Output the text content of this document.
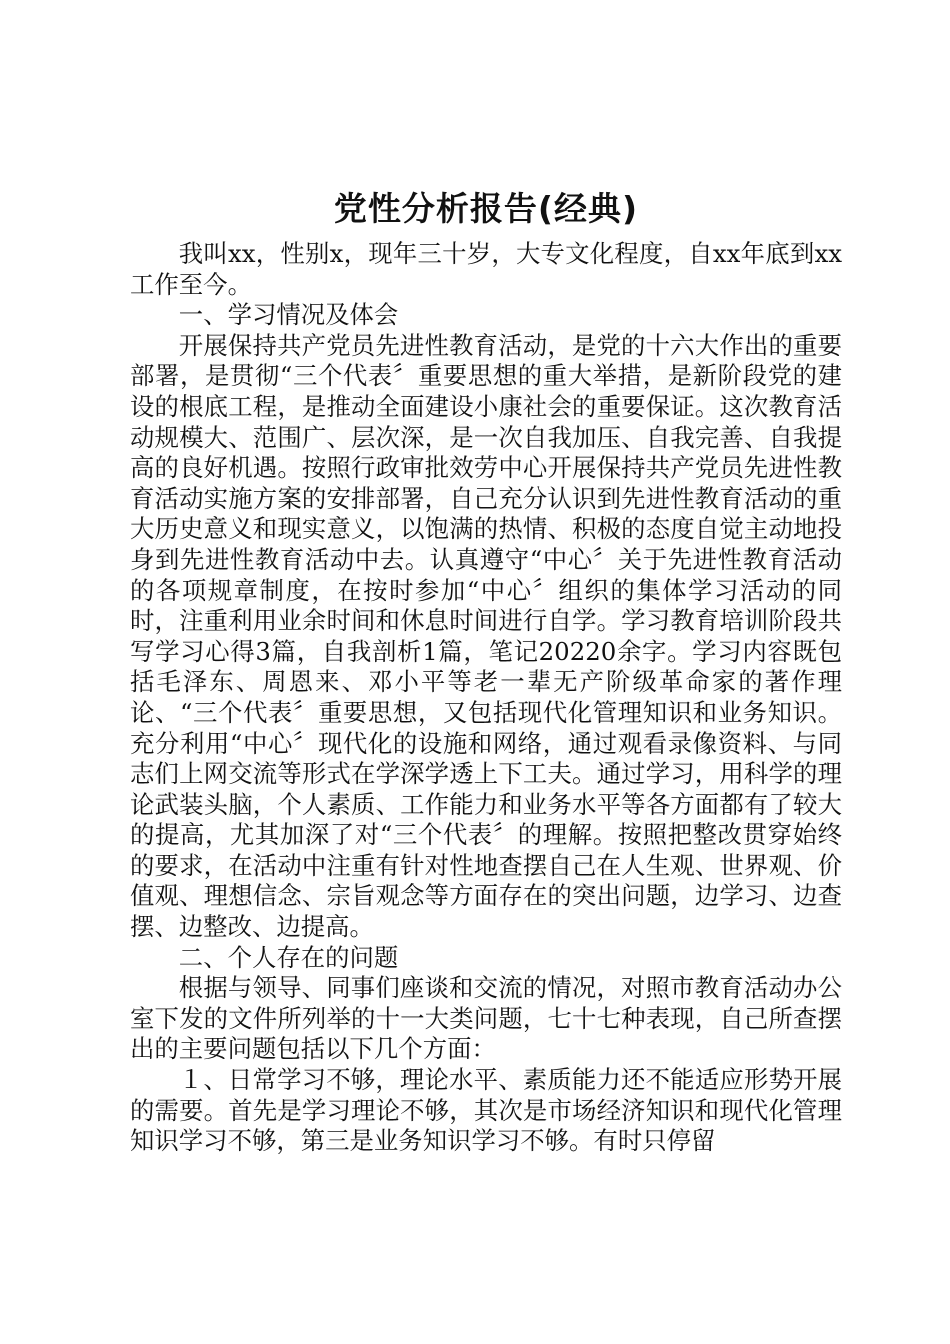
党性分析报告(经典)

我叫xx，性别x，现年三十岁，大专文化程度，自xx年底到xx工作至今。

一、学习情况及体会

开展保持共产党员先进性教育活动，是党的十六大作出的重要部署，是贯彻“三个代表〞重要思想的重大举措，是新阶段党的建设的根底工程，是推动全面建设小康社会的重要保证。这次教育活动规模大、范围广、层次深，是一次自我加压、自我完善、自我提高的良好机遇。按照行政审批效劳中心开展保持共产党员先进性教育活动实施方案的安排部署，自己充分认识到先进性教育活动的重大历史意义和现实意义，以饱满的热情、积极的态度自觉主动地投身到先进性教育活动中去。认真遵守“中心〞关于先进性教育活动的各项规章制度，在按时参加“中心〞组织的集体学习活动的同时，注重利用业余时间和休息时间进行自学。学习教育培训阶段共写学习心得3篇，自我剖析1篇，笔记20220余字。学习内容既包括毛泽东、周恩来、邓小平等老一辈无产阶级革命家的著作理论、“三个代表〞重要思想，又包括现代化管理知识和业务知识。充分利用“中心〞现代化的设施和网络，通过观看录像资料、与同志们上网交流等形式在学深学透上下工夫。通过学习，用科学的理论武装头脑，个人素质、工作能力和业务水平等各方面都有了较大的提高，尤其加深了对“三个代表〞的理解。按照把整改贯穿始终的要求，在活动中注重有针对性地查摆自己在人生观、世界观、价值观、理想信念、宗旨观念等方面存在的突出问题，边学习、边查摆、边整改、边提高。

二、个人存在的问题

根据与领导、同事们座谈和交流的情况，对照市教育活动办公室下发的文件所列举的十一大类问题，七十七种表现，自己所查摆出的主要问题包括以下几个方面：

１、日常学习不够，理论水平、素质能力还不能适应形势开展的需要。首先是学习理论不够，其次是市场经济知识和现代化管理知识学习不够，第三是业务知识学习不够。有时只停留
